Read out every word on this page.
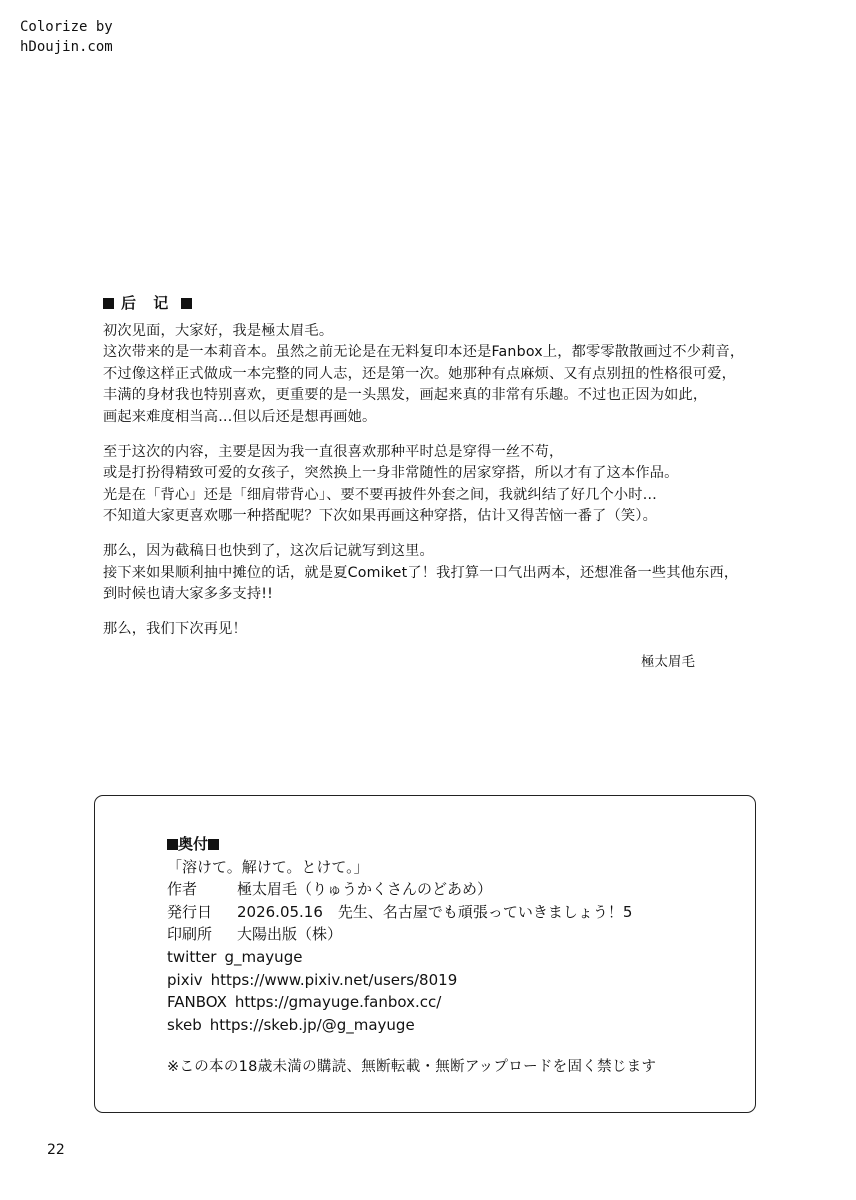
Colorize by
hDoujin.com
后 记
初次见面，大家好，我是極太眉毛。
这次带来的是一本莉音本。虽然之前无论是在无料复印本还是Fanbox上，都零零散散画过不少莉音，
不过像这样正式做成一本完整的同人志，还是第一次。她那种有点麻烦、又有点别扭的性格很可爱，
丰满的身材我也特别喜欢，更重要的是一头黑发，画起来真的非常有乐趣。不过也正因为如此，
画起来难度相当高…但以后还是想再画她。
至于这次的内容，主要是因为我一直很喜欢那种平时总是穿得一丝不苟，
或是打扮得精致可爱的女孩子，突然换上一身非常随性的居家穿搭，所以才有了这本作品。
光是在「背心」还是「细肩带背心」、要不要再披件外套之间，我就纠结了好几个小时…
不知道大家更喜欢哪一种搭配呢？下次如果再画这种穿搭，估计又得苦恼一番了（笑）。
那么，因为截稿日也快到了，这次后记就写到这里。
接下来如果顺利抽中摊位的话，就是夏Comiket了！我打算一口气出两本，还想准备一些其他东西，
到时候也请大家多多支持!!
那么，我们下次再见！
極太眉毛
奥付
「溶けて。解けて。とけて。」
作者	極太眉毛（りゅうかくさんのどあめ）
発行日 2026.05.16　先生、名古屋でも頑張っていきましょう！5
印刷所 大陽出版（株）
twitter g_mayuge
pixiv https://www.pixiv.net/users/8019
FANBOX https://gmayuge.fanbox.cc/
skeb https://skeb.jp/@g_mayuge
※この本の18歳未満の購読、無断転載・無断アップロードを固く禁じます
22
